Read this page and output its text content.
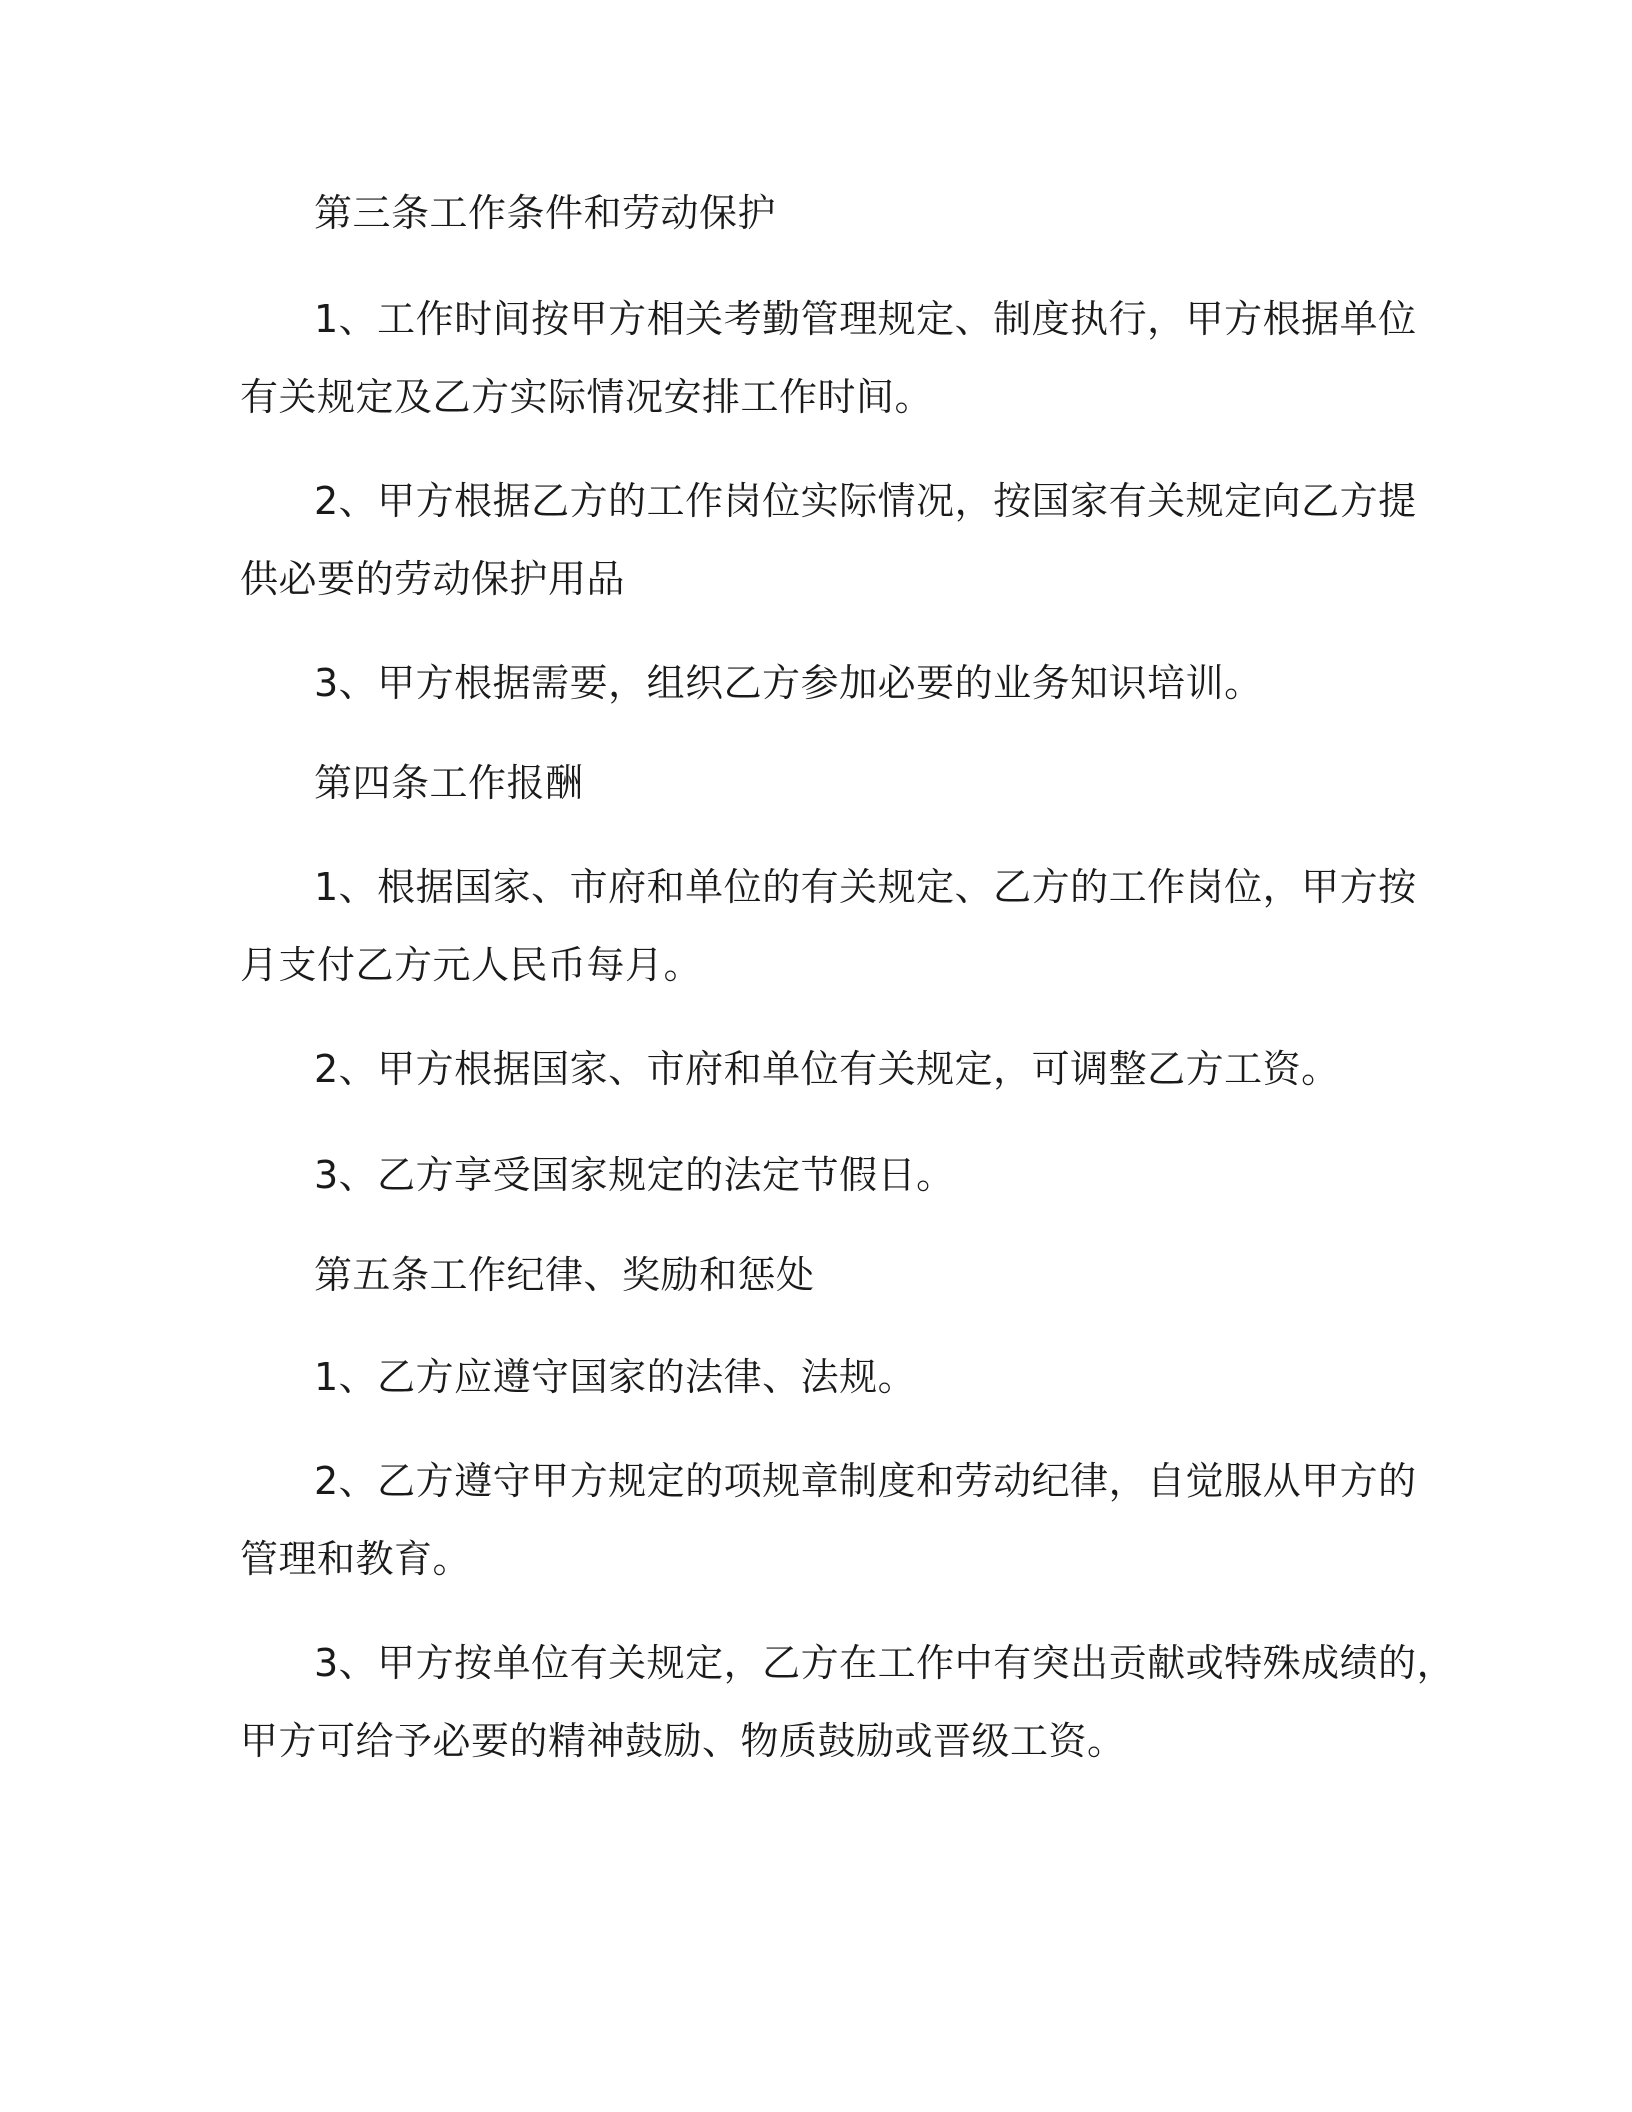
第三条工作条件和劳动保护
1、工作时间按甲方相关考勤管理规定、制度执行，甲方根据单位
有关规定及乙方实际情况安排工作时间。
2、甲方根据乙方的工作岗位实际情况，按国家有关规定向乙方提
供必要的劳动保护用品
3、甲方根据需要，组织乙方参加必要的业务知识培训。
第四条工作报酬
1、根据国家、市府和单位的有关规定、乙方的工作岗位，甲方按
月支付乙方元人民币每月。
2、甲方根据国家、市府和单位有关规定，可调整乙方工资。
3、乙方享受国家规定的法定节假日。
第五条工作纪律、奖励和惩处
1、乙方应遵守国家的法律、法规。
2、乙方遵守甲方规定的项规章制度和劳动纪律，自觉服从甲方的
管理和教育。
3、甲方按单位有关规定，乙方在工作中有突出贡献或特殊成绩的，
甲方可给予必要的精神鼓励、物质鼓励或晋级工资。
